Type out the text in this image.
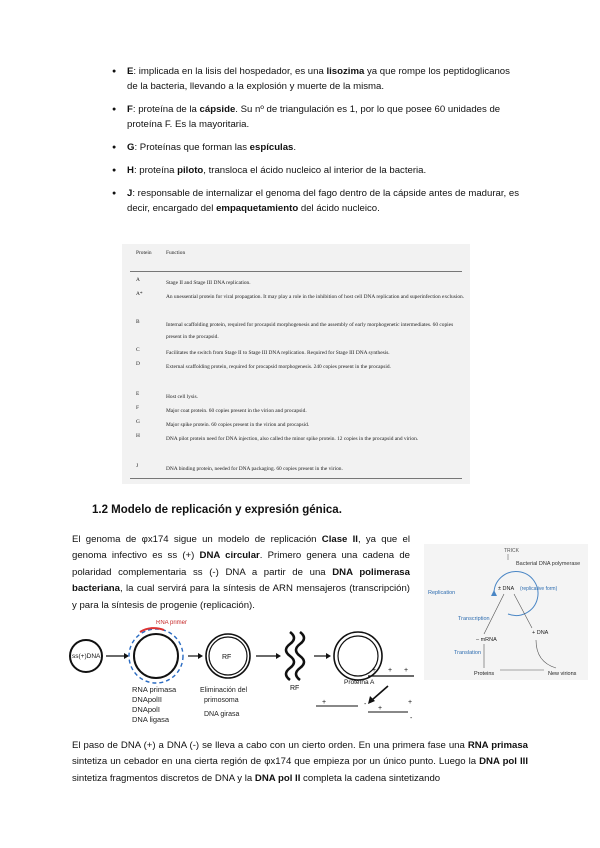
● E: implicada en la lisis del hospedador, es una lisozima ya que rompe los peptidoglicanos de la bacteria, llevando a la explosión y muerte de la misma.
● F: proteína de la cápside. Su nº de triangulación es 1, por lo que posee 60 unidades de proteína F. Es la mayoritaria.
● G: Proteínas que forman las espículas.
● H: proteína piloto, transloca el ácido nucleico al interior de la bacteria.
● J: responsable de internalizar el genoma del fago dentro de la cápside antes de madurar, es decir, encargado del empaquetamiento del ácido nucleico.
Protein	Function
A	Stage II and Stage III DNA replication.
A*	An unessential protein for viral propagation. It may play a role in the inhibition of host cell DNA replication and superinfection exclusion.
B	Internal scaffolding protein, required for procapsid morphogenesis and the assembly of early morphogenetic intermediates. 60 copies present in the procapsid.
C	Facilitates the switch from Stage II to Stage III DNA replication. Required for Stage III DNA synthesis.
D	External scaffolding protein, required for procapsid morphogenesis. 240 copies present in the procapsid.
E	Host cell lysis.
F	Major coat protein. 60 copies present in the virion and procapsid.
G	Major spike protein. 60 copies present in the virion and procapsid.
H	DNA pilot protein need for DNA injection, also called the minor spike protein. 12 copies in the procapsid and virion.
J	DNA binding protein, needed for DNA packaging. 60 copies present in the virion.
1.2 Modelo de replicación y expresión génica.

El genoma de φx174 sigue un modelo de replicación Clase II, ya que el genoma infectivo es ss (+) DNA circular. Primero genera una cadena de polaridad complementaria ss (-) DNA a partir de una DNA polimerasa bacteriana, la cual servirá para la síntesis de ARN mensajeros (transcripción) y para la síntesis de progenie (replicación).

TRICK
Bacterial DNA polymerase
Replication
± DNA (replicative form)
Transcription
– mRNA
Translation
Proteins
+ DNA
New virions
ss(+)DNA
RNA primer
RNA primasa
DNApolII
DNApolI
DNA ligasa
RF
Eliminación del
primosoma
DNA girasa
RF
+ + +
Proteína A
+	-
+
+
-

El paso de DNA (+) a DNA (-) se lleva a cabo con un cierto orden. En una primera fase una RNA primasa sintetiza un cebador en una cierta región de φx174 que empieza por un único punto. Luego la DNA pol III sintetiza fragmentos discretos de DNA y la DNA pol II completa la cadena sintetizando
